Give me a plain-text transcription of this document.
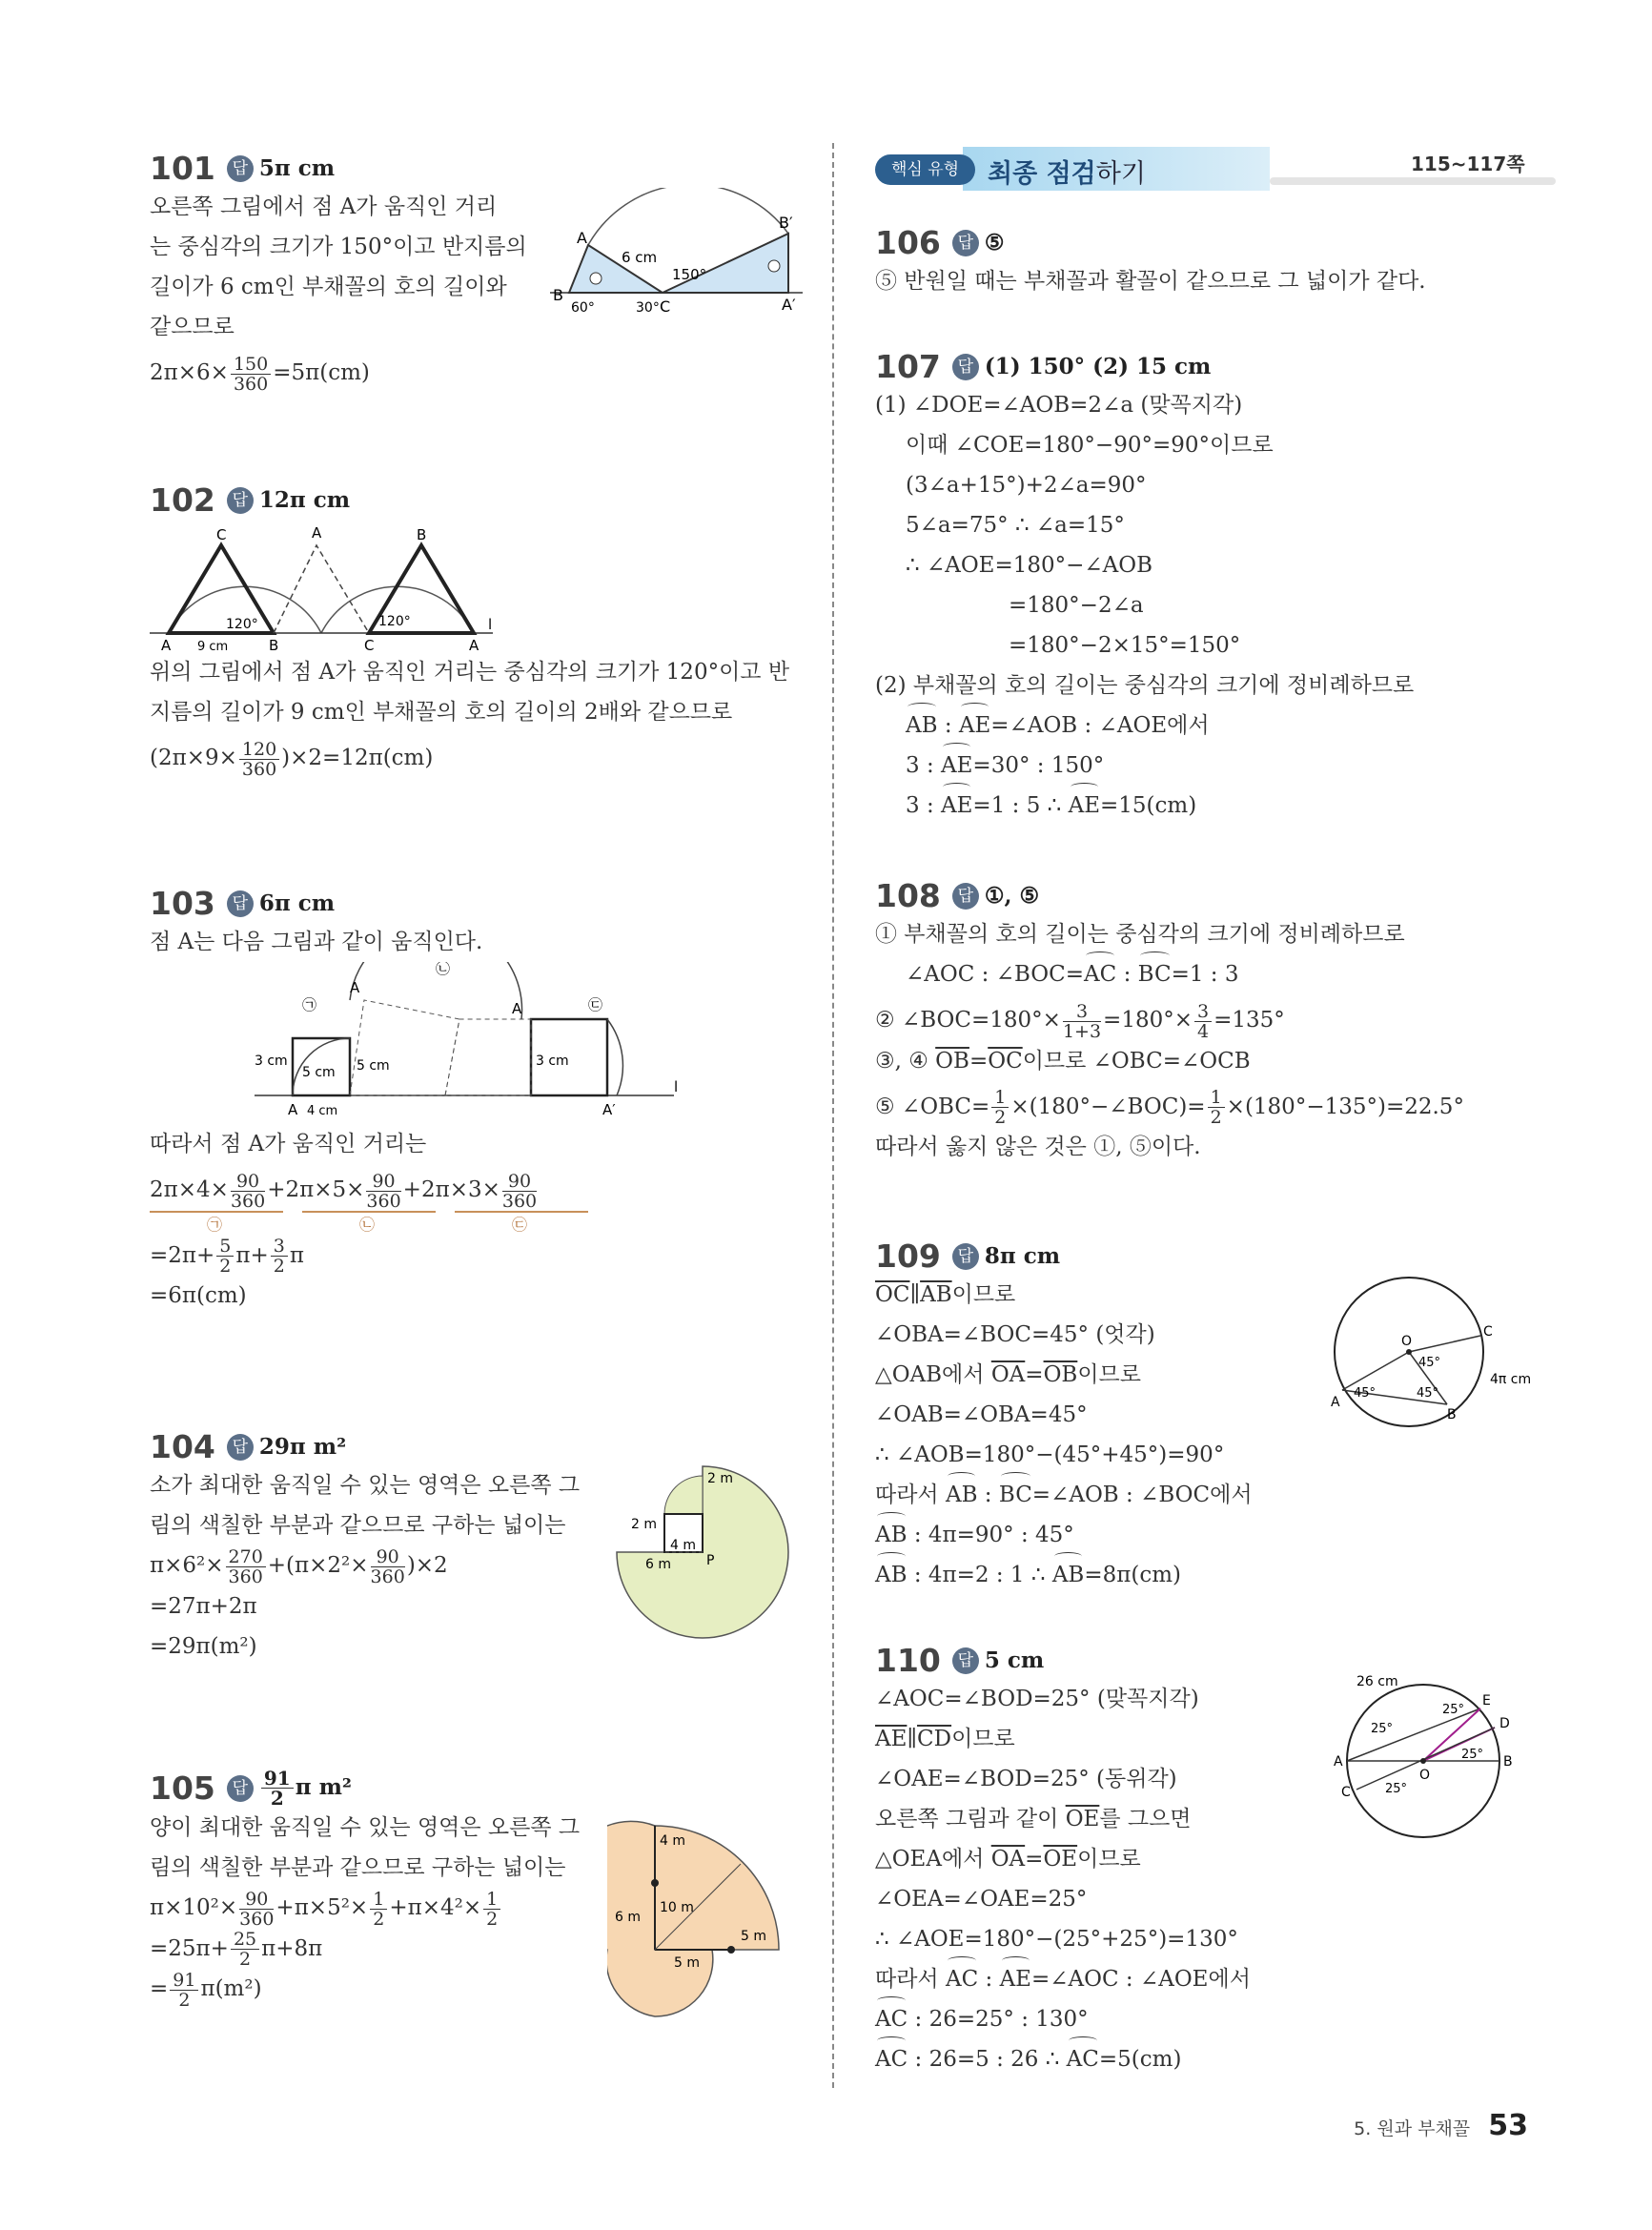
핵심 유형	최종 점검하기	115~117쪽
101 답 5π cm
오른쪽 그림에서 점 A가 움직인 거리
는 중심각의 크기가 150°이고 반지름의
길이가 6 cm인 부채꼴의 호의 길이와
같으므로
$2\pi\times 6\times \frac{150}{360} =5\pi(cm)$
A
B
C
B′
A′
6 cm
150°
60°	30°
102 답 12π cm
C	A	B
A	B	C	A
120°	120°
9 cm
l
위의 그림에서 점 A가 움직인 거리는 중심각의 크기가 120°이고 반
지름의 길이가 9 cm인 부채꼴의 호의 길이의 2배와 같으므로
$(2\pi\times 9\times \frac{120}{360} )\times 2=12\pi(cm)$
103 답 6π cm
점 A는 다음 그림과 같이 움직인다.
A
A
㉠
㉡
㉢
3 cm
5 cm 5 cm	3 cm
A 4 cm	A′
l
따라서 점 A가 움직인 거리는
$2\pi\times 4\times \frac{90}{360} +2\pi\times 5\times \frac{90}{360} +2\pi\times 3\times \frac{90}{360}$
㉠	㉡	㉢
$=2\pi+ \frac{5}{2} \pi+ \frac{3}{2}$ π
=6π(cm)
104 답 29π m²
소가 최대한 움직일 수 있는 영역은 오른쪽 그
림의 색칠한 부분과 같으므로 구하는 넓이는
$\pi\times 6^2\times \frac{270}{360} +(\pi\times 2^2\times \frac{90}{360} )\times 2$
=27π+2π
=29π(m²)
2 m
2 m
4 m
6 m	P
105 답 $\frac{91}{2}$ π m²
양이 최대한 움직일 수 있는 영역은 오른쪽 그
림의 색칠한 부분과 같으므로 구하는 넓이는
$\pi\times 10^2\times \frac{90}{360} +\pi\times 5^2\times \frac{1}{2} +\pi\times 4^2\times \frac{1}{2}$
$=25\pi+ \frac{25}{2} \pi+8\pi$
= $\frac{91}{2} \pi(m^2)$
4 m
10 m
6 m
5 m
5 m
106 답 ⑤
⑤ 반원일 때는 부채꼴과 활꼴이 같으므로 그 넓이가 같다.
107 답 (1) 150° (2) 15 cm
(1) ∠DOE=∠AOB=2∠a (맞꼭지각)
이때 ∠COE=180°−90°=90°이므로
(3∠a+15°)+2∠a=90°
5∠a=75° ∴ ∠a=15°
∴ ∠AOE=180°−∠AOB
=180°−2∠a
=180°−2×15°=150°
(2) 부채꼴의 호의 길이는 중심각의 크기에 정비례하므로
AB : AE=∠AOB : ∠AOE에서
3 : AE=30° : 150°
3 : AE=1 : 5 ∴ AE=15(cm)
108 답 ①, ⑤
① 부채꼴의 호의 길이는 중심각의 크기에 정비례하므로
∠AOC : ∠BOC=AC : BC=1 : 3
② ∠BOC=180°× $\frac{3}{1+3} =180^\circ\times \frac{3}{4} =135^\circ$
③, ④ $\overline{OB}=\overline{OC}$이므로 ∠OBC=∠OCB
⑤ ∠OBC= $\frac{1}{2}$ ×(180°−∠BOC)= $\frac{1}{2} \times(180^\circ-135^\circ)=22.5^\circ$
따라서 옳지 않은 것은 ①, ⑤이다.
109 답 8π cm
$\overline{OC}\parallel\overline{AB}$이므로
∠OBA=∠BOC=45° (엇각)
△OAB에서 $\overline{OA}=\overline{OB}$이므로
∠OAB=∠OBA=45°
∴ ∠AOB=180°−(45°+45°)=90°
따라서 AB : BC=∠AOB : ∠BOC에서
AB : 4π=90° : 45°
AB : 4π=2 : 1 ∴ AB=8π(cm)
O
C
45°
4π cm
45°	45°
A
B
110 답 5 cm
∠AOC=∠BOD=25° (맞꼭지각)
$\overline{AE}\parallel\overline{CD}$이므로
∠OAE=∠BOD=25° (동위각)
오른쪽 그림과 같이 $\overline{OE}$를 그으면
△OEA에서 $\overline{OA}=\overline{OE}$이므로
∠OEA=∠OAE=25°
∴ ∠AOE=180°−(25°+25°)=130°
따라서 AC : AE=∠AOC : ∠AOE에서
AC : 26=25° : 130°
AC : 26=5 : 26 ∴ AC=5(cm)
26 cm
E
25°
25°
D
25°
A	B
C	25°
O
5. 원과 부채꼴 53
